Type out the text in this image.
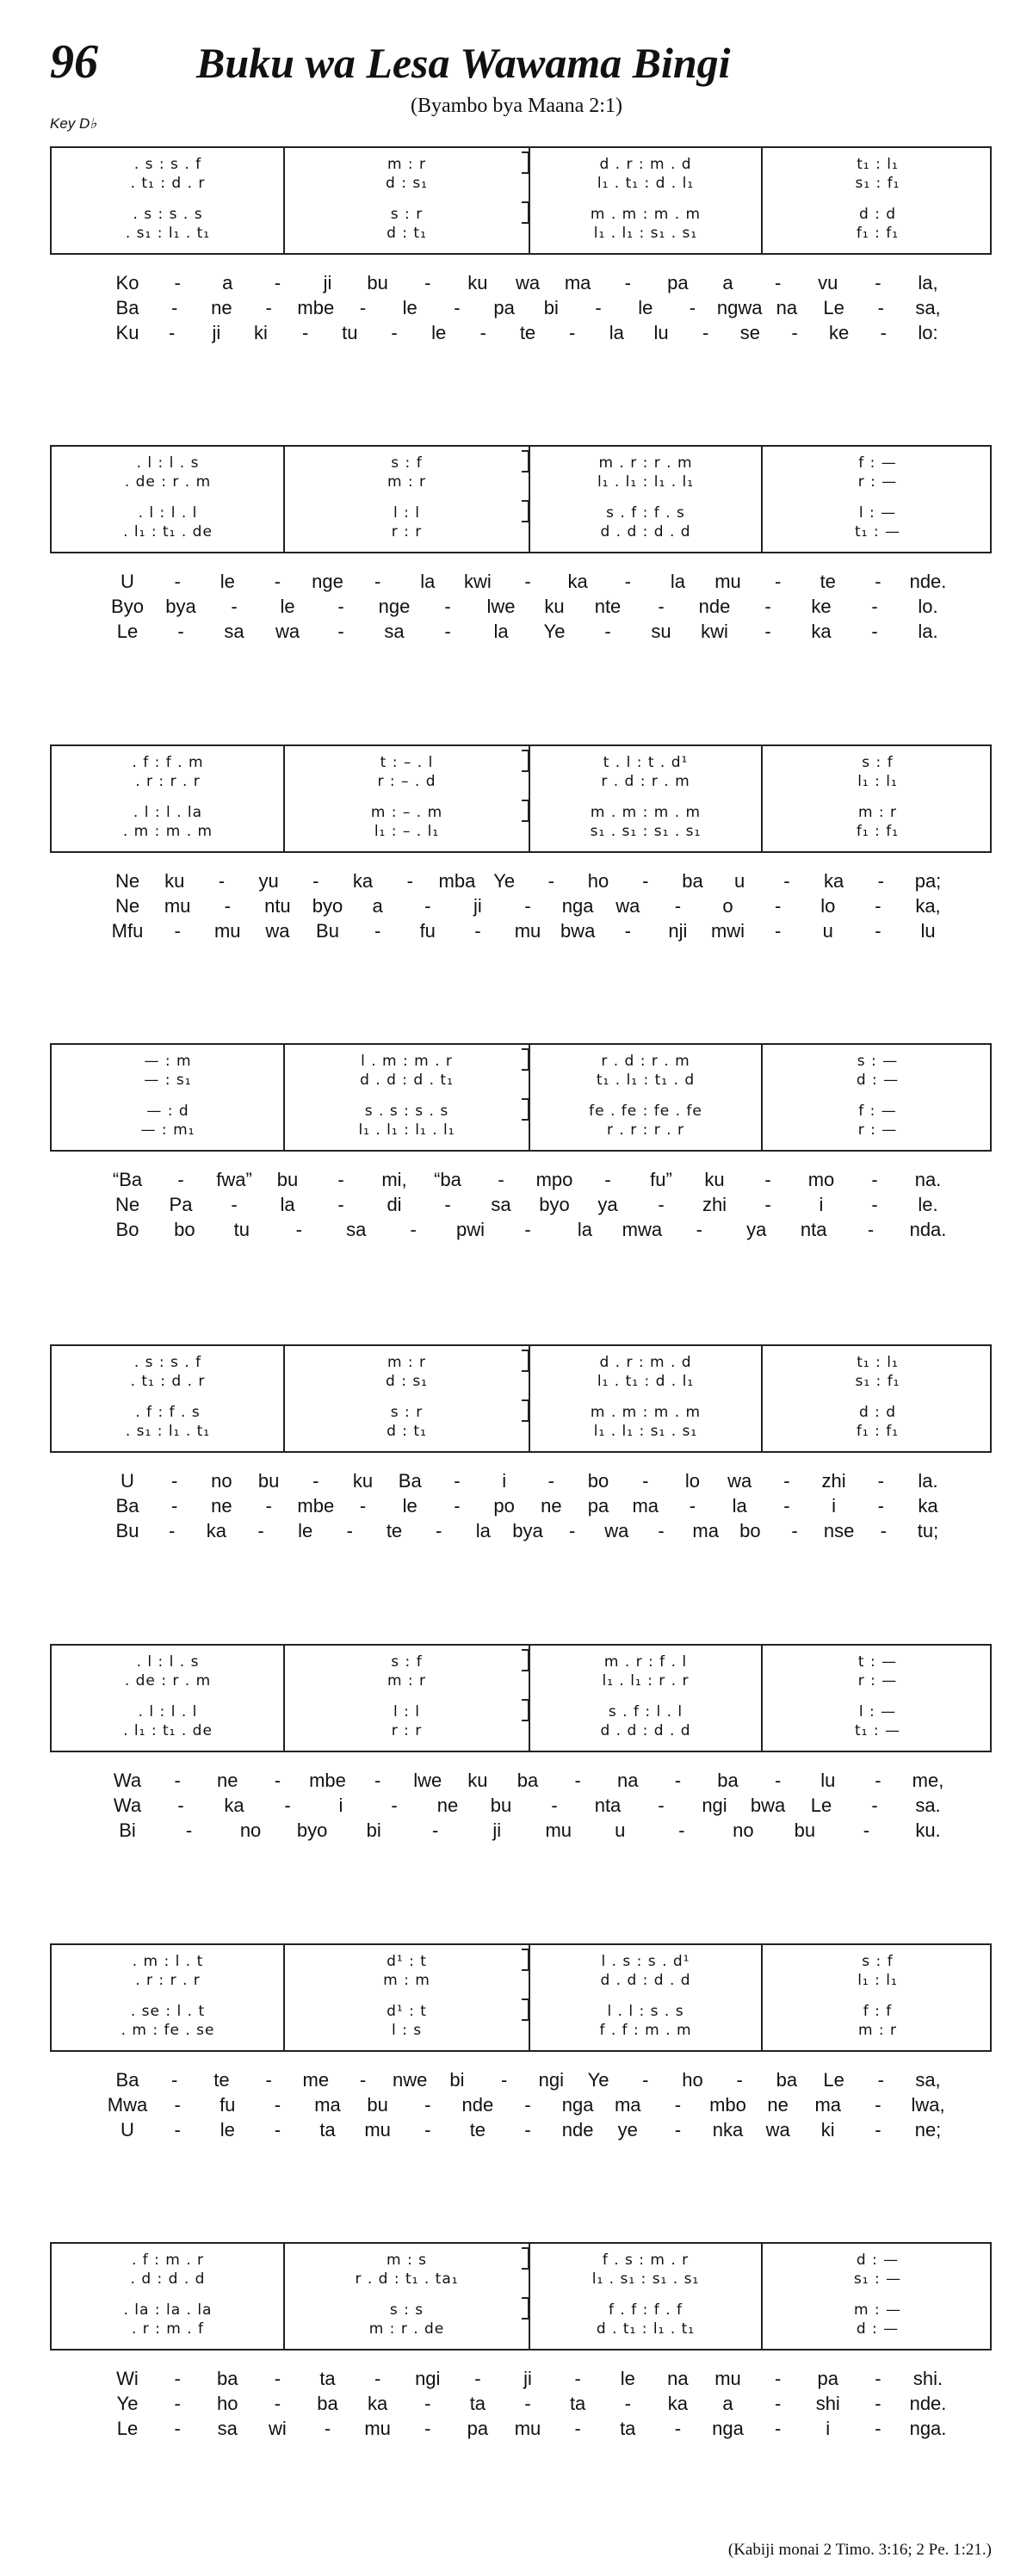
96 Buku wa Lesa Wawama Bingi
(Byambo bya Maana 2:1)
Key D♭
. s : s . f	m : r	d . r : m . d	t₁ : l₁
. t₁ : d . r	d : s₁	l₁ . t₁ : d . l₁	s₁ : f₁
. s : s . s	s : r	m . m : m . m	d : d
. s₁ : l₁ . t₁	d : t₁	l₁ . l₁ : s₁ . s₁	f₁ : f₁
Ko - a - ji bu - ku wa ma - pa a - vu - la,
Ba - ne - mbe - le - pa bi - le - ngwa na Le - sa,
Ku - ji ki - tu - le - te - la lu - se - ke - lo:
. l : l . s	s : f	m . r : r . m	f : —
. de : r . m	m : r	l₁ . l₁ : l₁ . l₁	r : —
. l : l . l	l : l	s . f : f . s	l : —
. l₁ : t₁ . de	r : r	d . d : d . d	t₁ : —
U - le - nge - la kwi - ka - la mu - te - nde.
Byo bya - le - nge - lwe ku nte - nde - ke - lo.
Le - sa wa - sa - la Ye - su kwi - ka - la.
. f : f . m	t : – . l	t . l : t . d¹	s : f
. r : r . r	r : – . d	r . d : r . m	l₁ : l₁
. l : l . la	m : – . m	m . m : m . m	m : r
. m : m . m	l₁ : – . l₁	s₁ . s₁ : s₁ . s₁	f₁ : f₁
Ne ku - yu - ka - mba Ye - ho - ba u - ka - pa;
Ne mu - ntu byo a - ji - nga wa - o - lo - ka,
Mfu - mu wa Bu - fu - mu bwa - nji mwi - u - lu
— : m	l . m : m . r	r . d : r . m	s : —
— : s₁	d . d : d . t₁	t₁ . l₁ : t₁ . d	d : —
— : d	s . s : s . s	fe . fe : fe . fe	f : —
— : m₁	l₁ . l₁ : l₁ . l₁	r . r : r . r	r : —
“Ba - fwa” bu - mi, “ba - mpo - fu” ku - mo - na.
Ne Pa - la - di - sa byo ya - zhi -	i	- le.
Bo bo tu - sa - pwi - la mwa - ya nta - nda.
. s : s . f	m : r	d . r : m . d	t₁ : l₁
. t₁ : d . r	d : s₁	l₁ . t₁ : d . l₁	s₁ : f₁
. f : f . s	s : r	m . m : m . m	d : d
. s₁ : l₁ . t₁	d : t₁	l₁ . l₁ : s₁ . s₁	f₁ : f₁
U - no bu - ku Ba - i - bo - lo wa - zhi - la.
Ba - ne - mbe - le - po ne pa ma - la - i - ka
Bu - ka - le - te - la bya - wa - ma bo - nse - tu;
. l : l . s	s : f	m . r : f . l	t : —
. de : r . m	m : r	l₁ . l₁ : r . r	r : —
. l : l . l	l : l	s . f : l . l	l : —
. l₁ : t₁ . de	r : r	d . d : d . d	t₁ : —
Wa - ne - mbe - lwe ku ba - na - ba - lu - me,
Wa - ka -	i	- ne bu - nta - ngi bwa Le - sa.
Bi	-	no byo bi	-	ji mu u	-	no bu	- ku.
. m : l . t	d¹ : t	l . s : s . d¹	s : f
. r : r . r	m : m	d . d : d . d	l₁ : l₁
. se : l . t	d¹ : t	l . l : s . s	f : f
. m : fe . se	l : s	f . f : m . m	m : r
Ba - te - me - nwe bi - ngi Ye - ho - ba Le - sa,
Mwa - fu - ma bu - nde - nga ma - mbo ne ma - lwa,
U - le - ta mu - te - nde ye - nka wa ki - ne;
. f : m . r	m : s	f . s : m . r	d : —
. d : d . d	r . d : t₁ . ta₁	l₁ . s₁ : s₁ . s₁	s₁ : —
. la : la . la	s : s	f . f : f . f	m : —
. r : m . f	m : r . de	d . t₁ : l₁ . t₁	d : —
Wi - ba - ta - ngi - ji - le na mu - pa - shi.
Ye - ho - ba ka - ta - ta - ka a - shi - nde.
Le - sa wi - mu - pa mu - ta - nga - i - nga.
(Kabiji monai 2 Timo. 3:16; 2 Pe. 1:21.)
